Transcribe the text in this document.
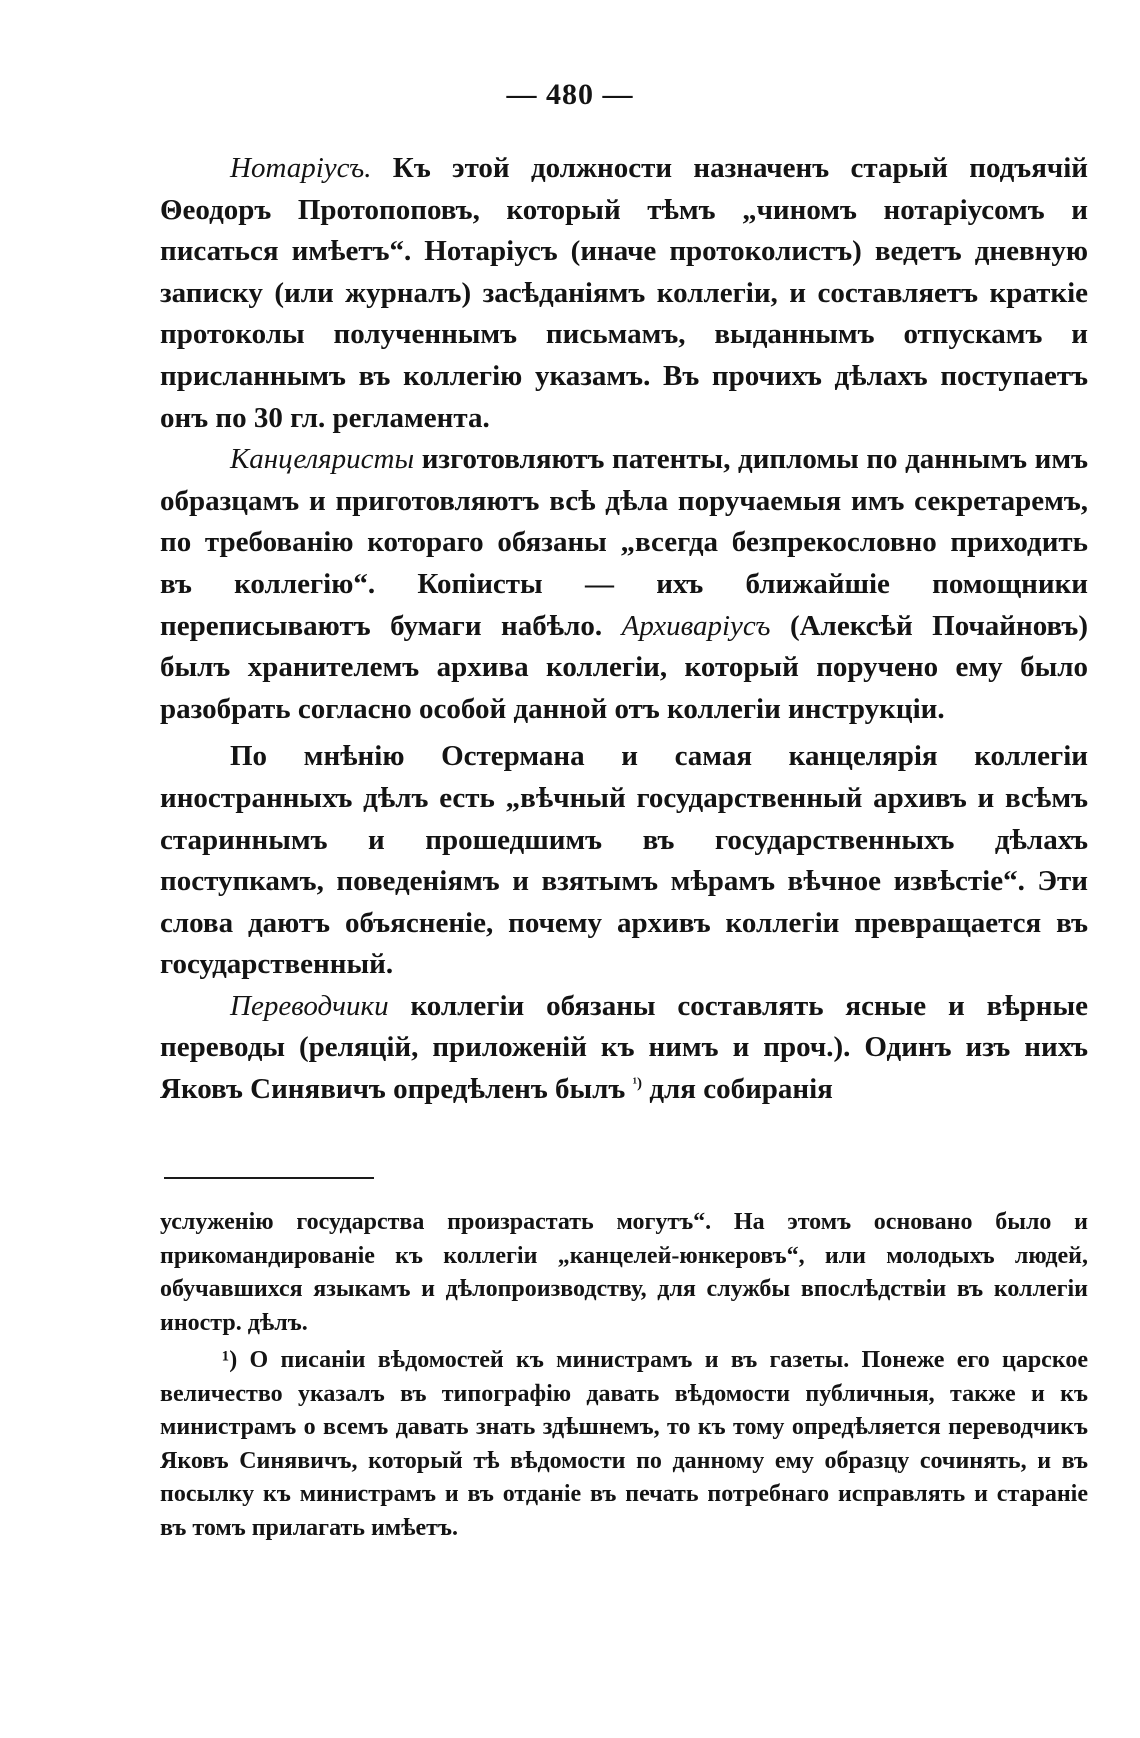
— 480 —

Нотаріусъ. Къ этой должности назначенъ старый подъячій Θеодоръ Протопоповъ, который тѣмъ „чиномъ нотаріусомъ и писаться имѣетъ“. Нотаріусъ (иначе протоколистъ) ведетъ дневную записку (или журналъ) засѣданіямъ коллегіи, и составляетъ краткіе протоколы полученнымъ письмамъ, выданнымъ отпускамъ и присланнымъ въ коллегію указамъ. Въ прочихъ дѣлахъ поступаетъ онъ по 30 гл. регламента.

Канцеляристы изготовляютъ патенты, дипломы по даннымъ имъ образцамъ и приготовляютъ всѣ дѣла поручаемыя имъ секретаремъ, по требованію котораго обязаны „всегда безпрекословно приходить въ коллегію“. Копіисты — ихъ ближайшіе помощники переписываютъ бумаги набѣло. Архиваріусъ (Алексѣй Почайновъ) былъ хранителемъ архива коллегіи, который поручено ему было разобрать согласно особой данной отъ коллегіи инструкціи.

По мнѣнію Остермана и самая канцелярія коллегіи иностранныхъ дѣлъ есть „вѣчный государственный архивъ и всѣмъ стариннымъ и прошедшимъ въ государственныхъ дѣлахъ поступкамъ, поведеніямъ и взятымъ мѣрамъ вѣчное извѣстіе“. Эти слова даютъ объясненіе, почему архивъ коллегіи превращается въ государственный.

Переводчики коллегіи обязаны составлять ясные и вѣрные переводы (реляцій, приложеній къ нимъ и проч.). Одинъ изъ нихъ Яковъ Синявичъ опредѣленъ былъ $^{^1)}$ для собиранія

услуженію государства произрастать могутъ“. На этомъ основано было и прикомандированіе къ коллегіи „канцелей-юнкеровъ“, или молодыхъ людей, обучавшихся языкамъ и дѣлопроизводству, для службы впослѣдствіи въ коллегіи иностр. дѣлъ.

¹) О писаніи вѣдомостей къ министрамъ и въ газеты. Понеже его царское величество указалъ въ типографію давать вѣдомости публичныя, также и къ министрамъ о всемъ давать знать здѣшнемъ, то къ тому опредѣляется переводчикъ Яковъ Синявичъ, который тѣ вѣдомости по данному ему образцу сочинять, и въ посылку къ министрамъ и въ отданіе въ печать потребнаго исправлять и стараніе въ томъ прилагать имѣетъ.
